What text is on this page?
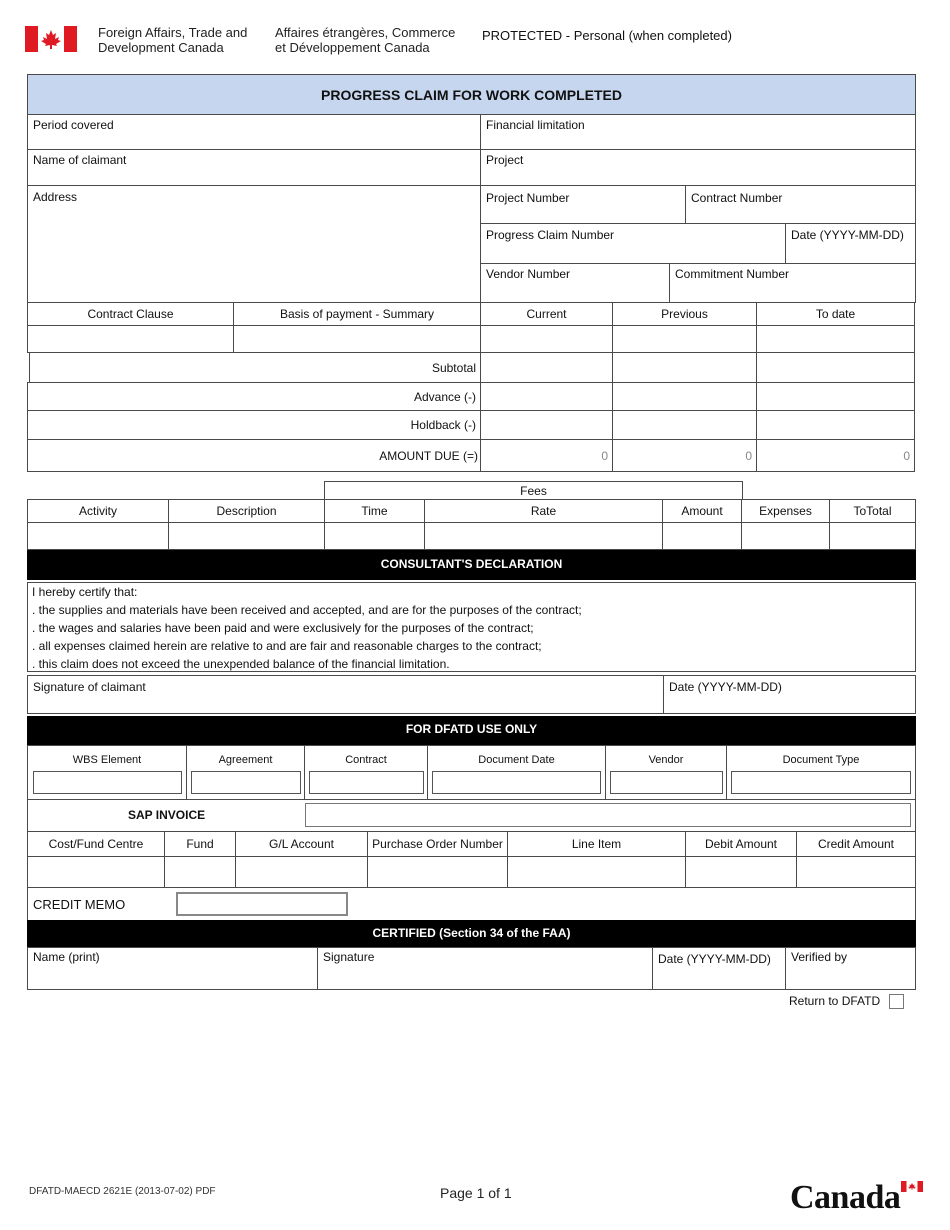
Foreign Affairs, Trade and
Development Canada
Affaires étrangères, Commerce
et Développement Canada
PROTECTED - Personal (when completed)
PROGRESS CLAIM FOR WORK COMPLETED
Period covered	Financial limitation
Name of claimant	Project
Address	Project Number	Contract Number
Progress Claim Number	Date (YYYY-MM-DD)
Vendor Number	Commitment Number
Contract Clause	Basis of payment - Summary	Current	Previous	To date
Subtotal
Advance (-)
Holdback (-)
AMOUNT DUE (=)	0	0	0
Fees
Activity	Description	Time	Rate	Amount	Expenses	ToTotal
CONSULTANT'S DECLARATION
I hereby certify that:
. the supplies and materials have been received and accepted, and are for the purposes of the contract;
. the wages and salaries have been paid and were exclusively for the purposes of the contract;
. all expenses claimed herein are relative to and are fair and reasonable charges to the contract;
. this claim does not exceed the unexpended balance of the financial limitation.
Signature of claimant	Date (YYYY-MM-DD)
FOR DFATD USE ONLY
WBS Element	Agreement	Contract	Document Date	Vendor	Document Type
SAP INVOICE
Cost/Fund Centre	Fund	G/L Account	Purchase Order Number	Line Item	Debit Amount	Credit Amount
CREDIT MEMO
CERTIFIED (Section 34 of the FAA)
Name (print)	Signature	Date (YYYY-MM-DD) Verified by
Return to DFATD
DFATD-MAECD 2621E (2013-07-02) PDF	Page 1 of 1	Canada
